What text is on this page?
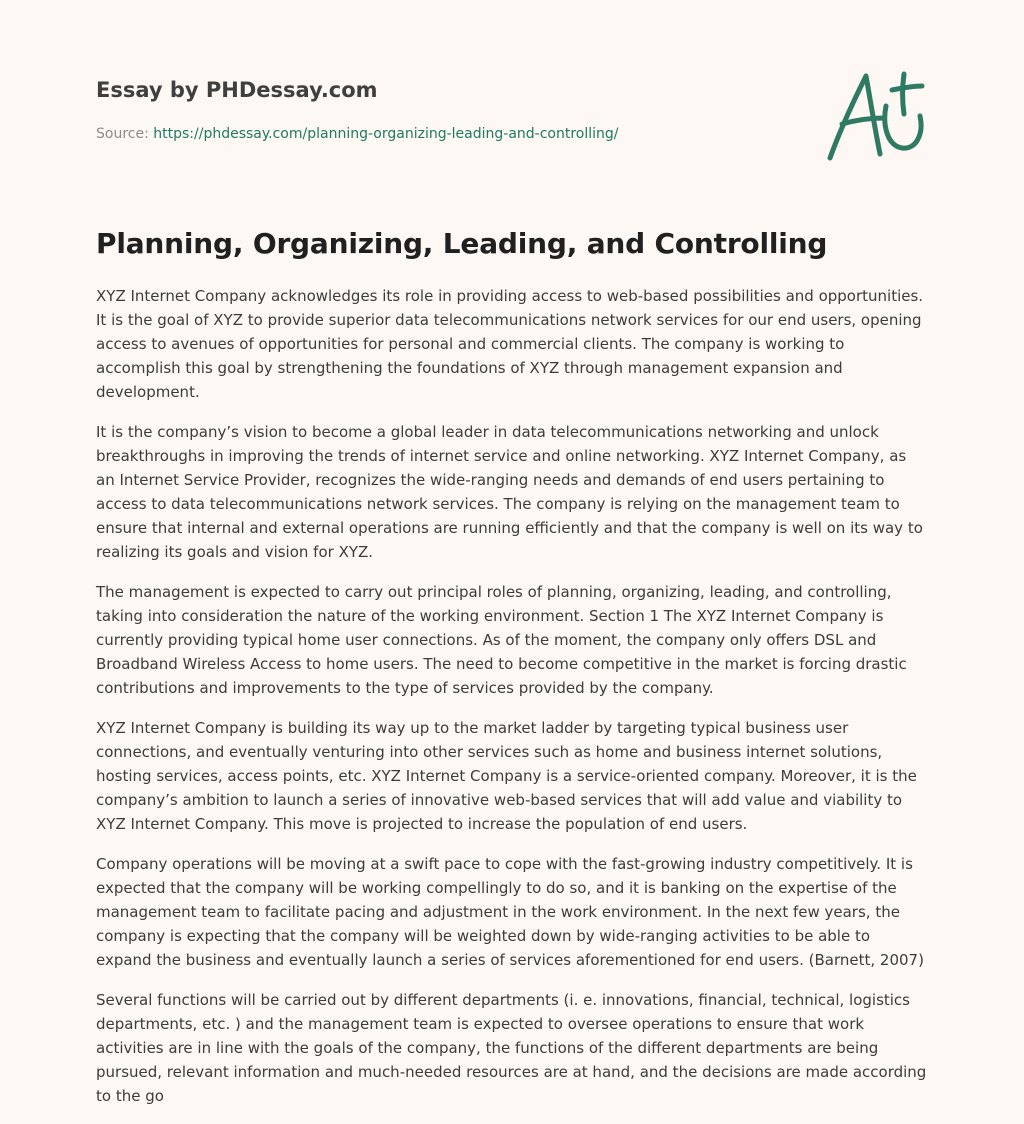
Essay by PHDessay.com
Source: https://phdessay.com/planning-organizing-leading-and-controlling/
Planning, Organizing, Leading, and Controlling

XYZ Internet Company acknowledges its role in providing access to web-based possibilities and opportunities. It is the goal of XYZ to provide superior data telecommunications network services for our end users, opening access to avenues of opportunities for personal and commercial clients. The company is working to accomplish this goal by strengthening the foundations of XYZ through management expansion and development.

It is the company’s vision to become a global leader in data telecommunications networking and unlock breakthroughs in improving the trends of internet service and online networking. XYZ Internet Company, as an Internet Service Provider, recognizes the wide-ranging needs and demands of end users pertaining to access to data telecommunications network services. The company is relying on the management team to ensure that internal and external operations are running efficiently and that the company is well on its way to realizing its goals and vision for XYZ.

The management is expected to carry out principal roles of planning, organizing, leading, and controlling, taking into consideration the nature of the working environment. Section 1 The XYZ Internet Company is currently providing typical home user connections. As of the moment, the company only offers DSL and Broadband Wireless Access to home users. The need to become competitive in the market is forcing drastic contributions and improvements to the type of services provided by the company.

XYZ Internet Company is building its way up to the market ladder by targeting typical business user connections, and eventually venturing into other services such as home and business internet solutions, hosting services, access points, etc. XYZ Internet Company is a service-oriented company. Moreover, it is the company’s ambition to launch a series of innovative web-based services that will add value and viability to XYZ Internet Company. This move is projected to increase the population of end users.

Company operations will be moving at a swift pace to cope with the fast-growing industry competitively. It is expected that the company will be working compellingly to do so, and it is banking on the expertise of the management team to facilitate pacing and adjustment in the work environment. In the next few years, the company is expecting that the company will be weighted down by wide-ranging activities to be able to expand the business and eventually launch a series of services aforementioned for end users. (Barnett, 2007)

Several functions will be carried out by different departments (i. e. innovations, financial, technical, logistics departments, etc. ) and the management team is expected to oversee operations to ensure that work activities are in line with the goals of the company, the functions of the different departments are being pursued, relevant information and much-needed resources are at hand, and the decisions are made according to the go
